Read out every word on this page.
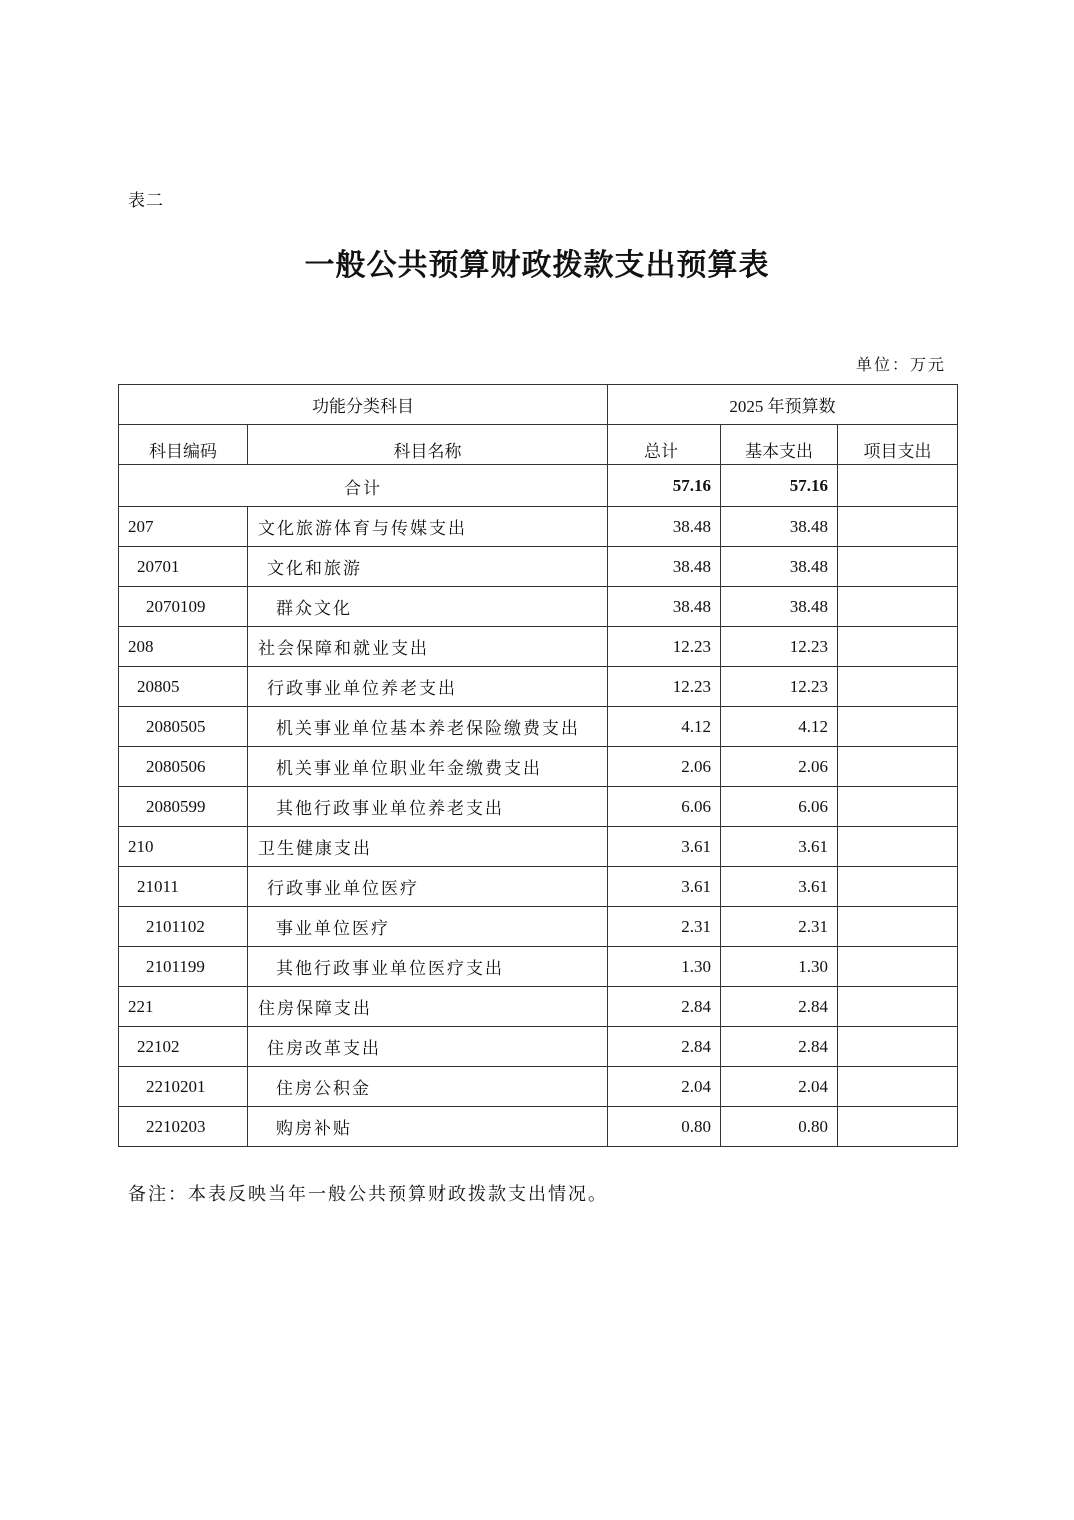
表二
一般公共预算财政拨款支出预算表
单位：万元
功能分类科目		2025 年预算数		
科目编码	科目名称	总计	基本支出	项目支出
合计		57.16	57.16	
207	文化旅游体育与传媒支出	38.48	38.48	
20701	文化和旅游	38.48	38.48	
2070109	群众文化	38.48	38.48	
208	社会保障和就业支出	12.23	12.23	
20805	行政事业单位养老支出	12.23	12.23	
2080505	机关事业单位基本养老保险缴费支出	4.12	4.12	
2080506	机关事业单位职业年金缴费支出	2.06	2.06	
2080599	其他行政事业单位养老支出	6.06	6.06	
210	卫生健康支出	3.61	3.61	
21011	行政事业单位医疗	3.61	3.61	
2101102	事业单位医疗	2.31	2.31	
2101199	其他行政事业单位医疗支出	1.30	1.30	
221	住房保障支出	2.84	2.84	
22102	住房改革支出	2.84	2.84	
2210201	住房公积金	2.04	2.04	
2210203	购房补贴	0.80	0.80	
备注：本表反映当年一般公共预算财政拨款支出情况。
